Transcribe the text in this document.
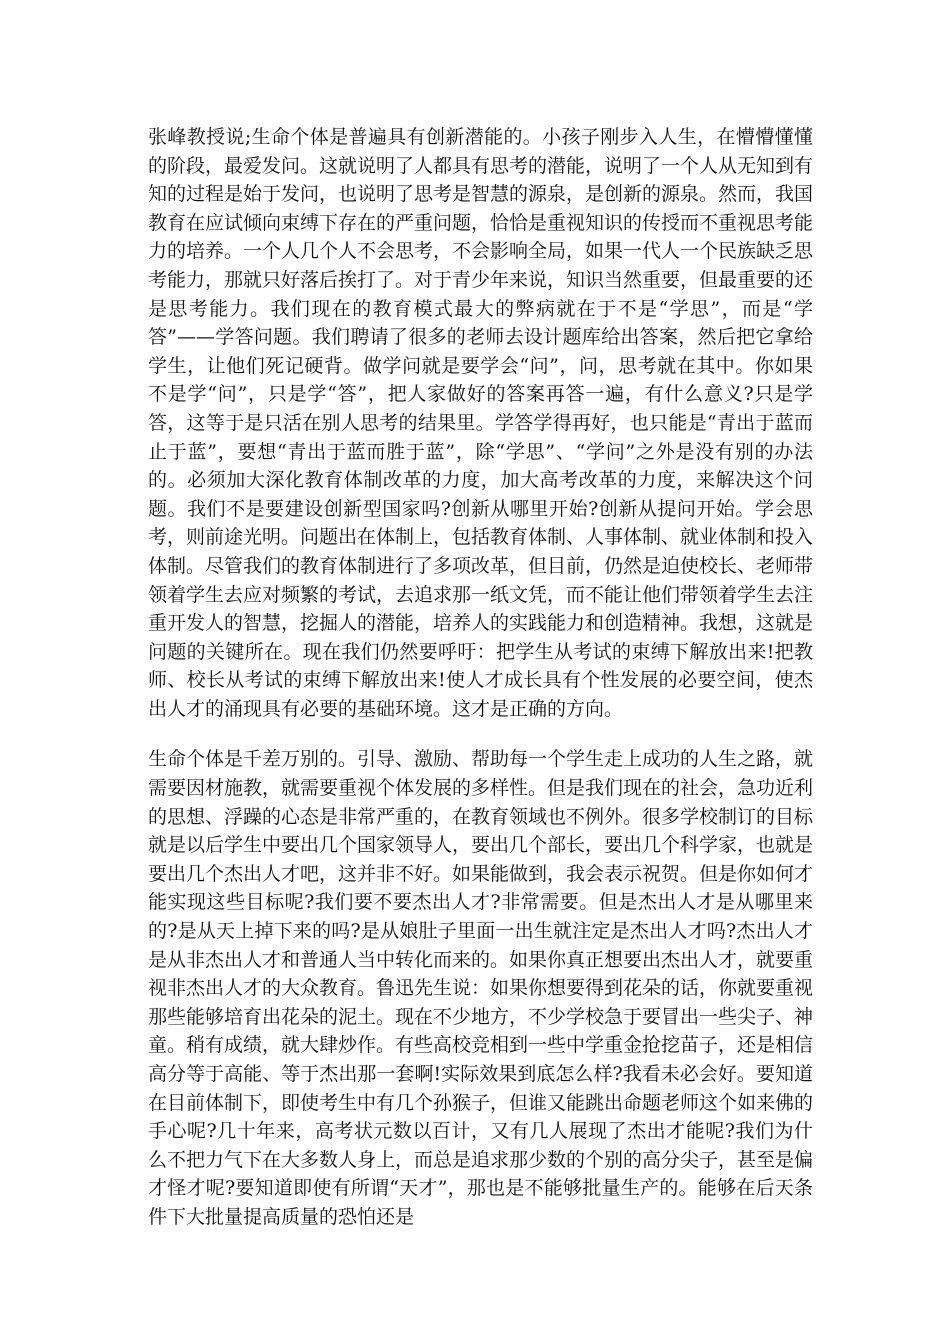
张峰教授说;生命个体是普遍具有创新潜能的。小孩子刚步入人生，在懵懵懂懂的阶段，最爱发问。这就说明了人都具有思考的潜能，说明了一个人从无知到有知的过程是始于发问，也说明了思考是智慧的源泉，是创新的源泉。然而，我国教育在应试倾向束缚下存在的严重问题，恰恰是重视知识的传授而不重视思考能力的培养。一个人几个人不会思考，不会影响全局，如果一代人一个民族缺乏思考能力，那就只好落后挨打了。对于青少年来说，知识当然重要，但最重要的还是思考能力。我们现在的教育模式最大的弊病就在于不是“学思”，而是“学答”——学答问题。我们聘请了很多的老师去设计题库给出答案，然后把它拿给学生，让他们死记硬背。做学问就是要学会“问”，问，思考就在其中。你如果不是学“问”，只是学“答”，把人家做好的答案再答一遍，有什么意义?只是学答，这等于是只活在别人思考的结果里。学答学得再好，也只能是“青出于蓝而止于蓝”，要想“青出于蓝而胜于蓝”，除“学思”、“学问”之外是没有别的办法的。必须加大深化教育体制改革的力度，加大高考改革的力度，来解决这个问题。我们不是要建设创新型国家吗?创新从哪里开始?创新从提问开始。学会思考，则前途光明。问题出在体制上，包括教育体制、人事体制、就业体制和投入体制。尽管我们的教育体制进行了多项改革，但目前，仍然是迫使校长、老师带领着学生去应对频繁的考试，去追求那一纸文凭，而不能让他们带领着学生去注重开发人的智慧，挖掘人的潜能，培养人的实践能力和创造精神。我想，这就是问题的关键所在。现在我们仍然要呼吁：把学生从考试的束缚下解放出来!把教师、校长从考试的束缚下解放出来!使人才成长具有个性发展的必要空间，使杰出人才的涌现具有必要的基础环境。这才是正确的方向。

生命个体是千差万别的。引导、激励、帮助每一个学生走上成功的人生之路，就需要因材施教，就需要重视个体发展的多样性。但是我们现在的社会，急功近利的思想、浮躁的心态是非常严重的，在教育领域也不例外。很多学校制订的目标就是以后学生中要出几个国家领导人，要出几个部长，要出几个科学家，也就是要出几个杰出人才吧，这并非不好。如果能做到，我会表示祝贺。但是你如何才能实现这些目标呢?我们要不要杰出人才?非常需要。但是杰出人才是从哪里来的?是从天上掉下来的吗?是从娘肚子里面一出生就注定是杰出人才吗?杰出人才是从非杰出人才和普通人当中转化而来的。如果你真正想要出杰出人才，就要重视非杰出人才的大众教育。鲁迅先生说：如果你想要得到花朵的话，你就要重视那些能够培育出花朵的泥土。现在不少地方，不少学校急于要冒出一些尖子、神童。稍有成绩，就大肆炒作。有些高校竞相到一些中学重金抢挖苗子，还是相信高分等于高能、等于杰出那一套啊!实际效果到底怎么样?我看未必会好。要知道在目前体制下，即使考生中有几个孙猴子，但谁又能跳出命题老师这个如来佛的手心呢?几十年来，高考状元数以百计，又有几人展现了杰出才能呢?我们为什么不把力气下在大多数人身上，而总是追求那少数的个别的高分尖子，甚至是偏才怪才呢?要知道即使有所谓“天才”，那也是不能够批量生产的。能够在后天条件下大批量提高质量的恐怕还是
